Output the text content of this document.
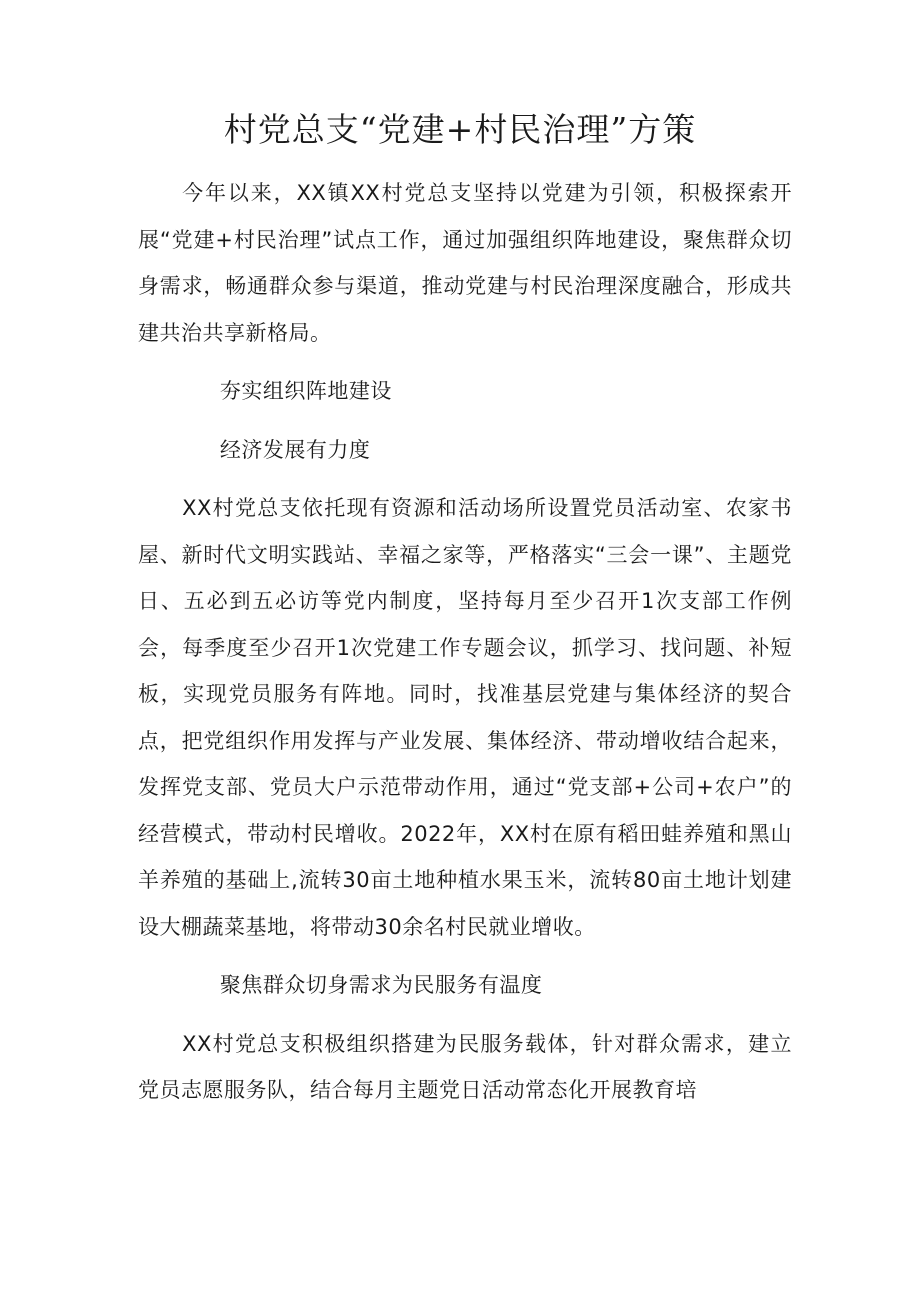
村党总支“党建+村民治理”方策

今年以来，XX镇XX村党总支坚持以党建为引领，积极探索开展“党建+村民治理”试点工作，通过加强组织阵地建设，聚焦群众切身需求，畅通群众参与渠道，推动党建与村民治理深度融合，形成共建共治共享新格局。

夯实组织阵地建设

经济发展有力度

XX村党总支依托现有资源和活动场所设置党员活动室、农家书屋、新时代文明实践站、幸福之家等，严格落实“三会一课”、主题党日、五必到五必访等党内制度，坚持每月至少召开1次支部工作例会，每季度至少召开1次党建工作专题会议，抓学习、找问题、补短板，实现党员服务有阵地。同时，找准基层党建与集体经济的契合点，把党组织作用发挥与产业发展、集体经济、带动增收结合起来，发挥党支部、党员大户示范带动作用，通过“党支部+公司+农户”的经营模式，带动村民增收。2022年，XX村在原有稻田蛙养殖和黑山羊养殖的基础上,流转30亩土地种植水果玉米，流转80亩土地计划建设大棚蔬菜基地，将带动30余名村民就业增收。

聚焦群众切身需求为民服务有温度

XX村党总支积极组织搭建为民服务载体，针对群众需求，建立党员志愿服务队，结合每月主题党日活动常态化开展教育培
